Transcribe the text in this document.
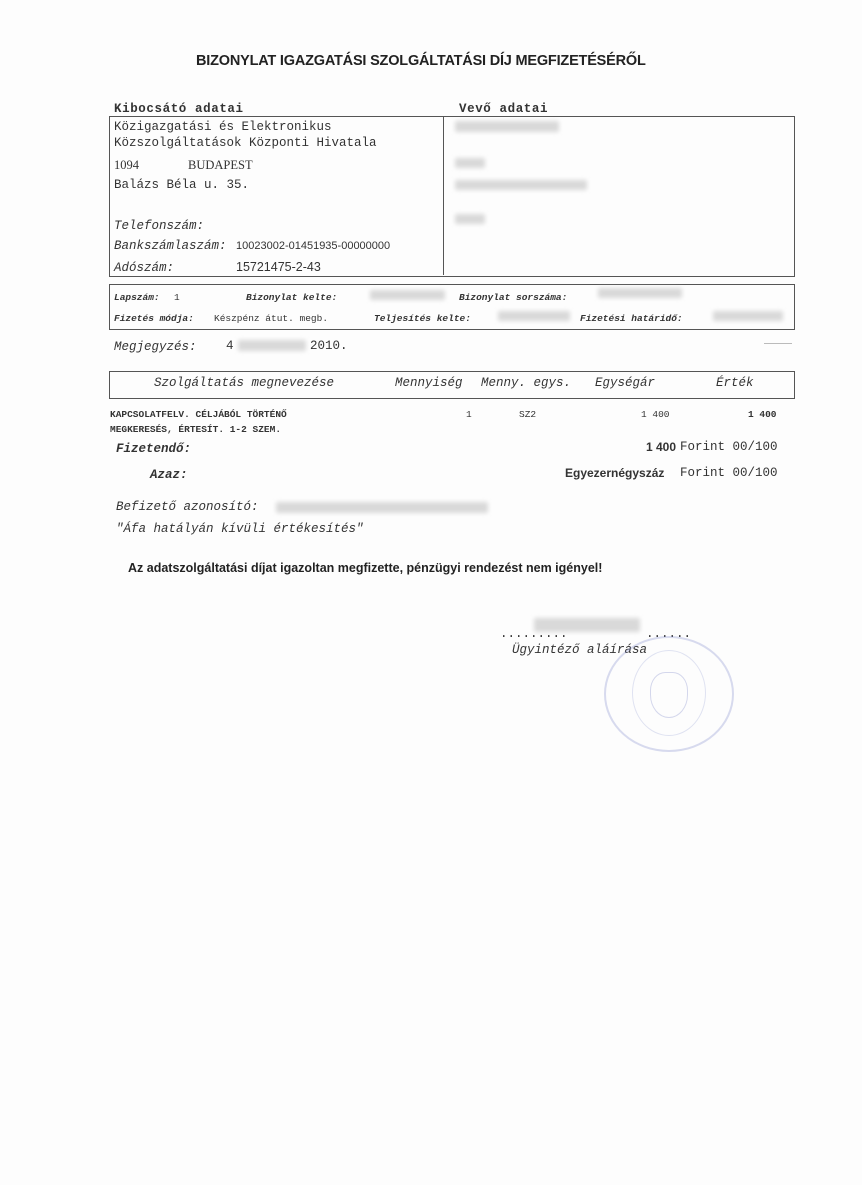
BIZONYLAT IGAZGATÁSI SZOLGÁLTATÁSI DÍJ MEGFIZETÉSÉRŐL
Kibocsátó adatai	Vevő adatai
Közigazgatási és Elektronikus
Közszolgáltatások Központi Hivatala
1094	BUDAPEST
Balázs Béla u. 35.
Telefonszám:
Bankszámlaszám: 10023002-01451935-00000000
Adószám:	15721475-2-43
Lapszám: 1	Bizonylat kelte:	Bizonylat sorszáma:
Fizetés módja: Készpénz átut. megb.	Teljesítés kelte:	Fizetési határidő:
Megjegyzés: 4	2010.
Szolgáltatás megnevezése	Mennyiség Menny. egys. Egységár	Érték
KAPCSOLATFELV. CÉLJÁBÓL TÖRTÉNŐ
MEGKERESÉS, ÉRTESÍT. 1-2 SZEM.
1	SZ2	1 400	1 400
Fizetendő:	1 400 Forint 00/100
Azaz:	Egyezernégyszáz Forint 00/100
Befizető azonosító:
"Áfa hatályán kívüli értékesítés"
Az adatszolgáltatási díjat igazoltan megfizette, pénzügyi rendezést nem igényel!
.........	......
Ügyintéző aláírása
